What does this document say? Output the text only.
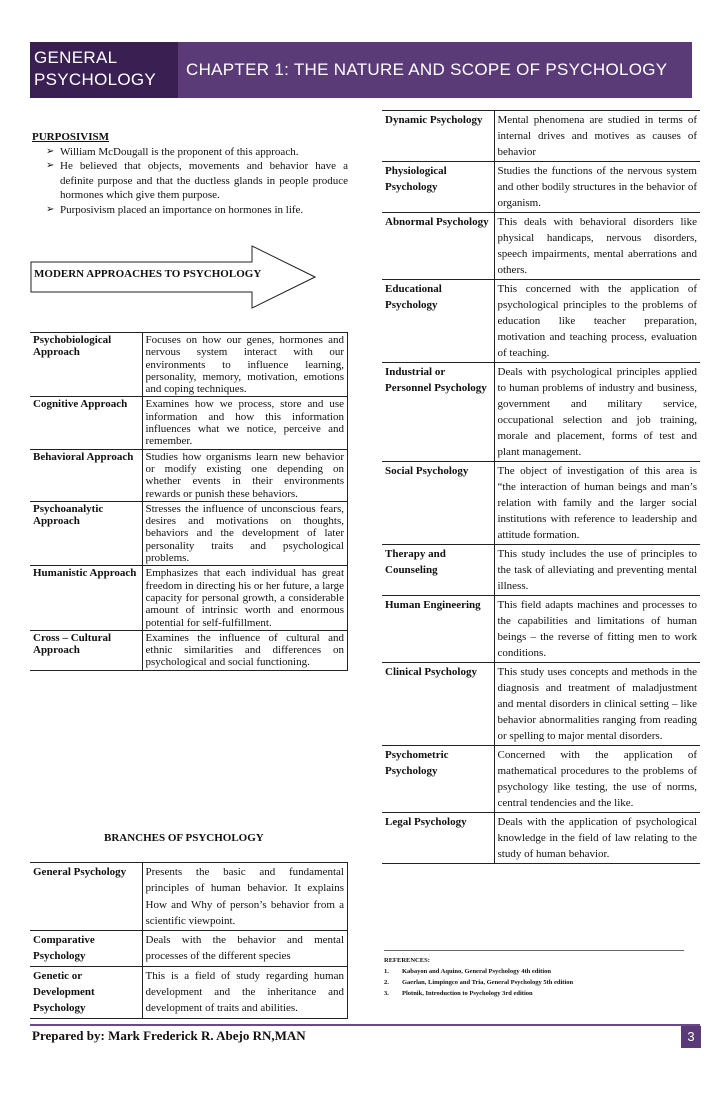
GENERAL
PSYCHOLOGY
CHAPTER 1: THE NATURE AND SCOPE OF PSYCHOLOGY
PURPOSIVISM
➢ William McDougall is the proponent of this approach.
➢ He believed that objects, movements and behavior have a definite purpose and that the ductless glands in people produce hormones which give them purpose.
➢ Purposivism placed an importance on hormones in life.
MODERN APPROACHES TO PSYCHOLOGY
Psychobiological Approach	Focuses on how our genes, hormones and nervous system interact with our environments to influence learning, personality, memory, motivation, emotions and coping techniques.
Cognitive Approach	Examines how we process, store and use information and how this information influences what we notice, perceive and remember.
Behavioral Approach	Studies how organisms learn new behavior or modify existing one depending on whether events in their environments rewards or punish these behaviors.
Psychoanalytic Approach	Stresses the influence of unconscious fears, desires and motivations on thoughts, behaviors and the development of later personality traits and psychological problems.
Humanistic Approach	Emphasizes that each individual has great freedom in directing his or her future, a large capacity for personal growth, a considerable amount of intrinsic worth and enormous potential for self-fulfillment.
Cross – Cultural Approach	Examines the influence of cultural and ethnic similarities and differences on psychological and social functioning.
BRANCHES OF PSYCHOLOGY
General Psychology	Presents the basic and fundamental principles of human behavior. It explains How and Why of person’s behavior from a scientific viewpoint.
Comparative Psychology	Deals with the behavior and mental processes of the different species
Genetic or Development Psychology	This is a field of study regarding human development and the inheritance and development of traits and abilities.
Dynamic Psychology	Mental phenomena are studied in terms of internal drives and motives as causes of behavior
Physiological Psychology	Studies the functions of the nervous system and other bodily structures in the behavior of organism.
Abnormal Psychology	This deals with behavioral disorders like physical handicaps, nervous disorders, speech impairments, mental aberrations and others.
Educational Psychology	This concerned with the application of psychological principles to the problems of education like teacher preparation, motivation and teaching process, evaluation of teaching.
Industrial or Personnel Psychology	Deals with psychological principles applied to human problems of industry and business, government and military service, occupational selection and job training, morale and placement, forms of test and plant management.
Social Psychology	The object of investigation of this area is “the interaction of human beings and man’s relation with family and the larger social institutions with reference to leadership and attitude formation.
Therapy and Counseling	This study includes the use of principles to the task of alleviating and preventing mental illness.
Human Engineering	This field adapts machines and processes to the capabilities and limitations of human beings – the reverse of fitting men to work conditions.
Clinical Psychology	This study uses concepts and methods in the diagnosis and treatment of maladjustment and mental disorders in clinical setting – like behavior abnormalities ranging from reading or spelling to major mental disorders.
Psychometric Psychology	Concerned with the application of mathematical procedures to the problems of psychology like testing, the use of norms, central tendencies and the like.
Legal Psychology	Deals with the application of psychological knowledge in the field of law relating to the study of human behavior.
REFERENCES:
1. Kabayon and Aquino, General Psychology 4th edition
2. Gaerlan, Limpingco and Tria, General Psychology 5th edition
3. Plotnik, Introduction to Psychology 3rd edition
Prepared by: Mark Frederick R. Abejo RN,MAN	3
